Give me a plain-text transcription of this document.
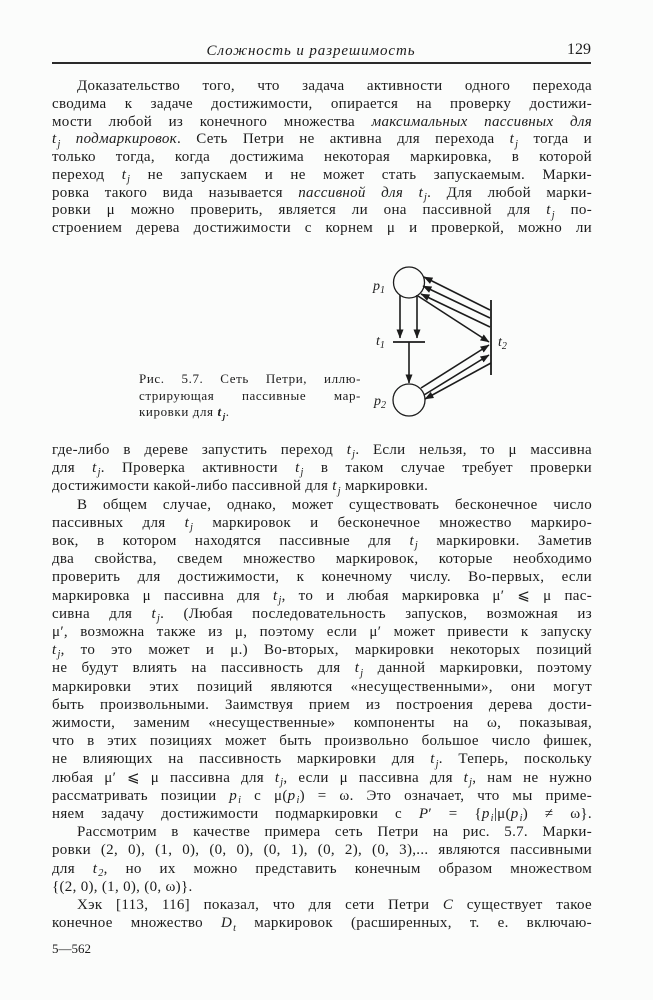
Сложность и разрешимость	129
Доказательство того, что задача активности одного перехода
сводима к задаче достижимости, опирается на проверку достижи-
мости любой из конечного множества максимальных пассивных для
$t_j$ подмаркировок. Сеть Петри не активна для перехода $t_j$ тогда и
только тогда, когда достижима некоторая маркировка, в которой
переход $t_j$ не запускаем и не может стать запускаемым. Марки-
ровка такого вида называется пассивной для $t_j$. Для любой марки-
ровки μ можно проверить, является ли она пассивной для $t_j$ по-
строением дерева достижимости с корнем μ и проверкой, можно ли
Рис. 5.7. Сеть Петри, иллю-
стрирующая пассивные мар-
кировки для $t_j$.
$p_1$
$t_1$
$p_2$
$t_2$
где-либо в дереве запустить переход $t_j$. Если нельзя, то μ массивна
для $t_j$. Проверка активности $t_j$ в таком случае требует проверки
достижимости какой-либо пассивной для $t_j$ маркировки.
В общем случае, однако, может существовать бесконечное число
пассивных для $t_j$ маркировок и бесконечное множество маркиро-
вок, в котором находятся пассивные для $t_j$ маркировки. Заметив
два свойства, сведем множество маркировок, которые необходимо
проверить для достижимости, к конечному числу. Во-первых, если
маркировка μ пассивна для $t_j$, то и любая маркировка μ′ ⩽ μ пас-
сивна для $t_j$. (Любая последовательность запусков, возможная из
μ′, возможна также из μ, поэтому если μ′ может привести к запуску
$t_j$, то это может и μ.) Во-вторых, маркировки некоторых позиций
не будут влиять на пассивность для $t_j$ данной маркировки, поэтому
маркировки этих позиций являются «несущественными», они могут
быть произвольными. Заимствуя прием из построения дерева дости-
жимости, заменим «несущественные» компоненты на ω, показывая,
что в этих позициях может быть произвольно большое число фишек,
не влияющих на пассивность маркировки для $t_j$. Теперь, поскольку
любая μ′ ⩽ μ пассивна для $t_j$, если μ пассивна для $t_j$, нам не нужно
рассматривать позиции $p_i$ с $\mu(p_i) = \omega$. Это означает, что мы приме-
няем задачу достижимости подмаркировки с $P' = \{p_i|\mu(p_i) \ne \omega\}$.
Рассмотрим в качестве примера сеть Петри на рис. 5.7. Марки-
ровки (2, 0), (1, 0), (0, 0), (0, 1), (0, 2), (0, 3),... являются пассивными
для $t_2$, но их можно представить конечным образом множеством
{(2, 0), (1, 0), (0, ω)}.
Хэк [113, 116] показал, что для сети Петри C существует такое
конечное множество $D_t$ маркировок (расширенных, т. е. включаю-
5—562
